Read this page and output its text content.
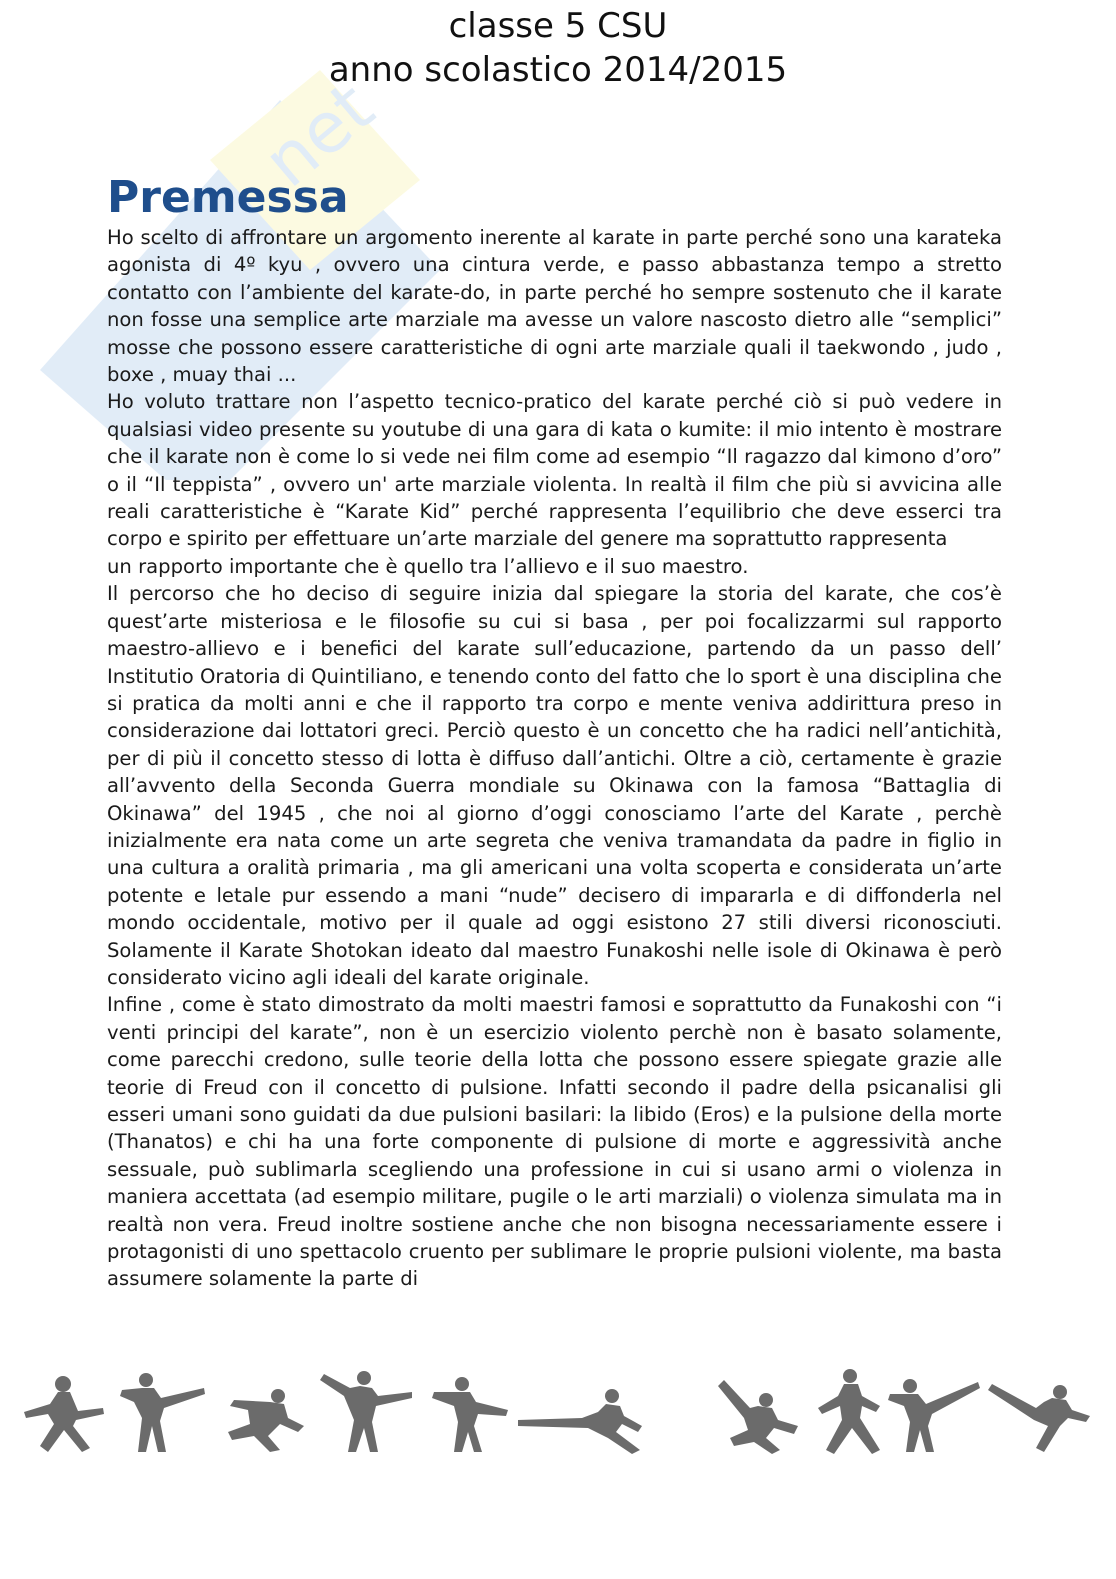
net
classe 5 CSU
anno scolastico 2014/2015
Premessa

Ho scelto di affrontare un argomento inerente al karate in parte perché sono una karateka agonista di 4º kyu , ovvero una cintura verde, e passo abbastanza tempo a stretto contatto con l’ambiente del karate-do, in parte perché ho sempre sostenuto che il karate non fosse una semplice arte marziale ma avesse un valore nascosto dietro alle “semplici” mosse che possono essere caratteristiche di ogni arte marziale quali il taekwondo , judo , boxe , muay thai ...

Ho voluto trattare non l’aspetto tecnico-pratico del karate perché ciò si può vedere in qualsiasi video presente su youtube di una gara di kata o kumite: il mio intento è mostrare che il karate non è come lo si vede nei film come ad esempio “Il ragazzo dal kimono d’oro” o il “Il teppista” , ovvero un' arte marziale violenta. In realtà il film che più si avvicina alle reali caratteristiche è “Karate Kid” perché rappresenta l’equilibrio che deve esserci tra corpo e spirito per effettuare un’arte marziale del genere ma soprattutto rappresenta

un rapporto importante che è quello tra l’allievo e il suo maestro.

Il percorso che ho deciso di seguire inizia dal spiegare la storia del karate, che cos’è quest’arte misteriosa e le filosofie su cui si basa , per poi focalizzarmi sul rapporto maestro-allievo e i benefici del karate sull’educazione, partendo da un passo dell’ Institutio Oratoria di Quintiliano, e tenendo conto del fatto che lo sport è una disciplina che si pratica da molti anni e che il rapporto tra corpo e mente veniva addirittura preso in considerazione dai lottatori greci. Perciò questo è un concetto che ha radici nell’antichità, per di più il concetto stesso di lotta è diffuso dall’antichi. Oltre a ciò, certamente è grazie all’avvento della Seconda Guerra mondiale su Okinawa con la famosa “Battaglia di Okinawa” del 1945 , che noi al giorno d’oggi conosciamo l’arte del Karate , perchè inizialmente era nata come un arte segreta che veniva tramandata da padre in figlio in una cultura a oralità primaria , ma gli americani una volta scoperta e considerata un’arte potente e letale pur essendo a mani “nude” decisero di impararla e di diffonderla nel mondo occidentale, motivo per il quale ad oggi esistono 27 stili diversi riconosciuti. Solamente il Karate Shotokan ideato dal maestro Funakoshi nelle isole di Okinawa è però considerato vicino agli ideali del karate originale.

Infine , come è stato dimostrato da molti maestri famosi e soprattutto da Funakoshi con “i venti principi del karate”, non è un esercizio violento perchè non è basato solamente, come parecchi credono, sulle teorie della lotta che possono essere spiegate grazie alle teorie di Freud con il concetto di pulsione. Infatti secondo il padre della psicanalisi gli esseri umani sono guidati da due pulsioni basilari: la libido (Eros) e la pulsione della morte (Thanatos) e chi ha una forte componente di pulsione di morte e aggressività anche sessuale, può sublimarla scegliendo una professione in cui si usano armi o violenza in maniera accettata (ad esempio militare, pugile o le arti marziali) o violenza simulata ma in realtà non vera. Freud inoltre sostiene anche che non bisogna necessariamente essere i protagonisti di uno spettacolo cruento per sublimare le proprie pulsioni violente, ma basta assumere solamente la parte di
